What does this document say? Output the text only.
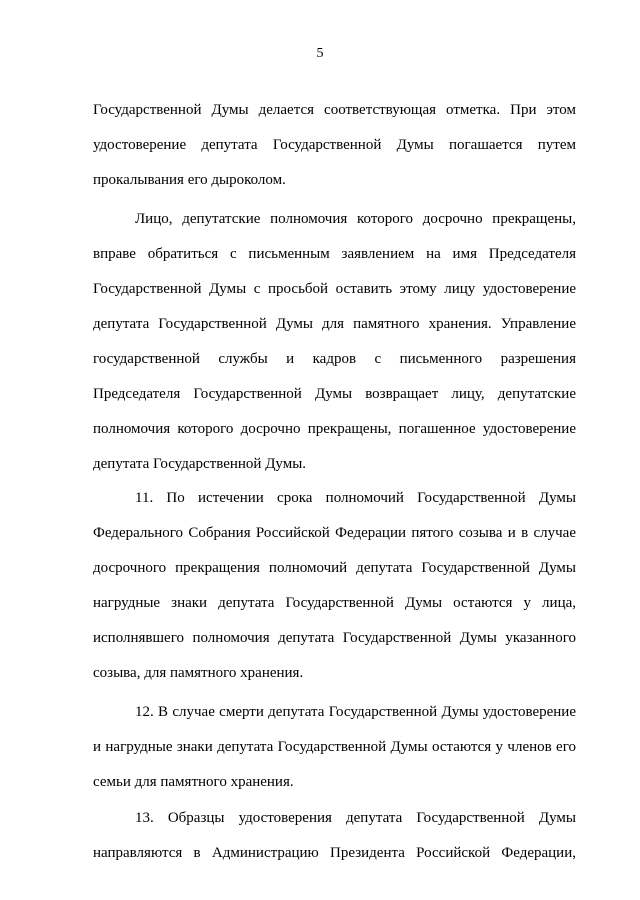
5

Государственной Думы делается соответствующая отметка. При этом удостоверение депутата Государственной Думы погашается путем прокалывания его дыроколом.

Лицо, депутатские полномочия которого досрочно прекращены, вправе обратиться с письменным заявлением на имя Председателя Государственной Думы с просьбой оставить этому лицу удостоверение депутата Государственной Думы для памятного хранения. Управление государственной службы и кадров с письменного разрешения Председателя Государственной Думы возвращает лицу, депутатские полномочия которого досрочно прекращены, погашенное удостоверение депутата Государственной Думы.

11. По истечении срока полномочий Государственной Думы Федерального Собрания Российской Федерации пятого созыва и в случае досрочного прекращения полномочий депутата Государственной Думы нагрудные знаки депутата Государственной Думы остаются у лица, исполнявшего полномочия депутата Государственной Думы указанного созыва, для памятного хранения.

12. В случае смерти депутата Государственной Думы удостоверение и нагрудные знаки депутата Государственной Думы остаются у членов его семьи для памятного хранения.

13. Образцы удостоверения депутата Государственной Думы направляются в Администрацию Президента Российской Федерации,
